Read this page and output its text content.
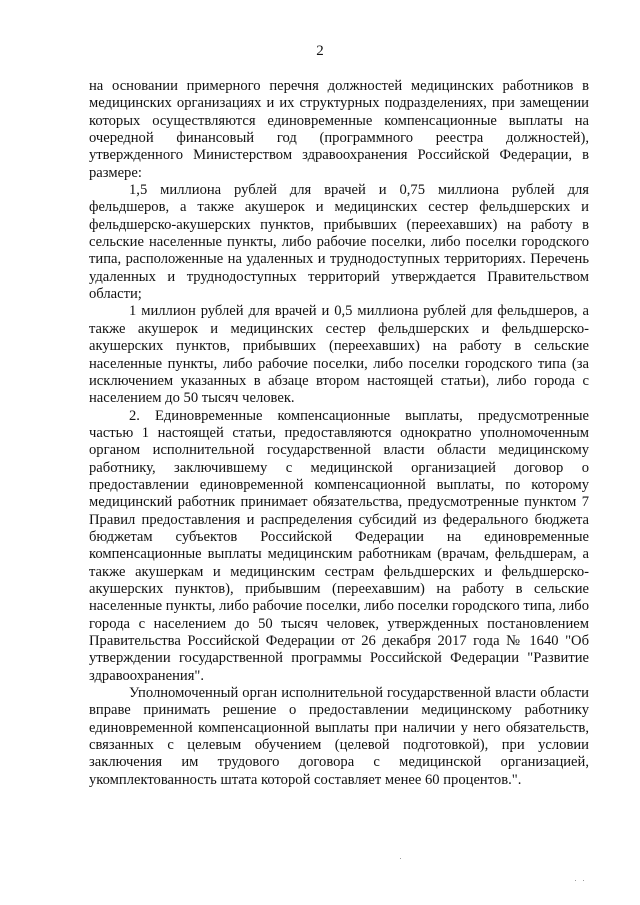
2

на основании примерного перечня должностей медицинских работников в медицинских организациях и их структурных подразделениях, при замещении которых осуществляются единовременные компенсационные выплаты на очередной финансовый год (программного реестра должностей), утвержденного Министерством здравоохранения Российской Федерации, в размере:

1,5 миллиона рублей для врачей и 0,75 миллиона рублей для фельдшеров, а также акушерок и медицинских сестер фельдшерских и фельдшерско-акушерских пунктов, прибывших (переехавших) на работу в сельские населенные пункты, либо рабочие поселки, либо поселки городского типа, расположенные на удаленных и труднодоступных территориях. Перечень удаленных и труднодоступных территорий утверждается Правительством области;

1 миллион рублей для врачей и 0,5 миллиона рублей для фельдшеров, а также акушерок и медицинских сестер фельдшерских и фельдшерско-акушерских пунктов, прибывших (переехавших) на работу в сельские населенные пункты, либо рабочие поселки, либо поселки городского типа (за исключением указанных в абзаце втором настоящей статьи), либо города с населением до 50 тысяч человек.

2. Единовременные компенсационные выплаты, предусмотренные частью 1 настоящей статьи, предоставляются однократно уполномоченным органом исполнительной государственной власти области медицинскому работнику, заключившему с медицинской организацией договор о предоставлении единовременной компенсационной выплаты, по которому медицинский работник принимает обязательства, предусмотренные пунктом 7 Правил предоставления и распределения субсидий из федерального бюджета бюджетам субъектов Российской Федерации на единовременные компенсационные выплаты медицинским работникам (врачам, фельдшерам, а также акушеркам и медицинским сестрам фельдшерских и фельдшерско-акушерских пунктов), прибывшим (переехавшим) на работу в сельские населенные пункты, либо рабочие поселки, либо поселки городского типа, либо города с населением до 50 тысяч человек, утвержденных постановлением Правительства Российской Федерации от 26 декабря 2017 года № 1640 "Об утверждении государственной программы Российской Федерации "Развитие здравоохранения".

Уполномоченный орган исполнительной государственной власти области вправе принимать решение о предоставлении медицинскому работнику единовременной компенсационной выплаты при наличии у него обязательств, связанных с целевым обучением (целевой подготовкой), при условии заключения им трудового договора с медицинской организацией, укомплектованность штата которой составляет менее 60 процентов.".
